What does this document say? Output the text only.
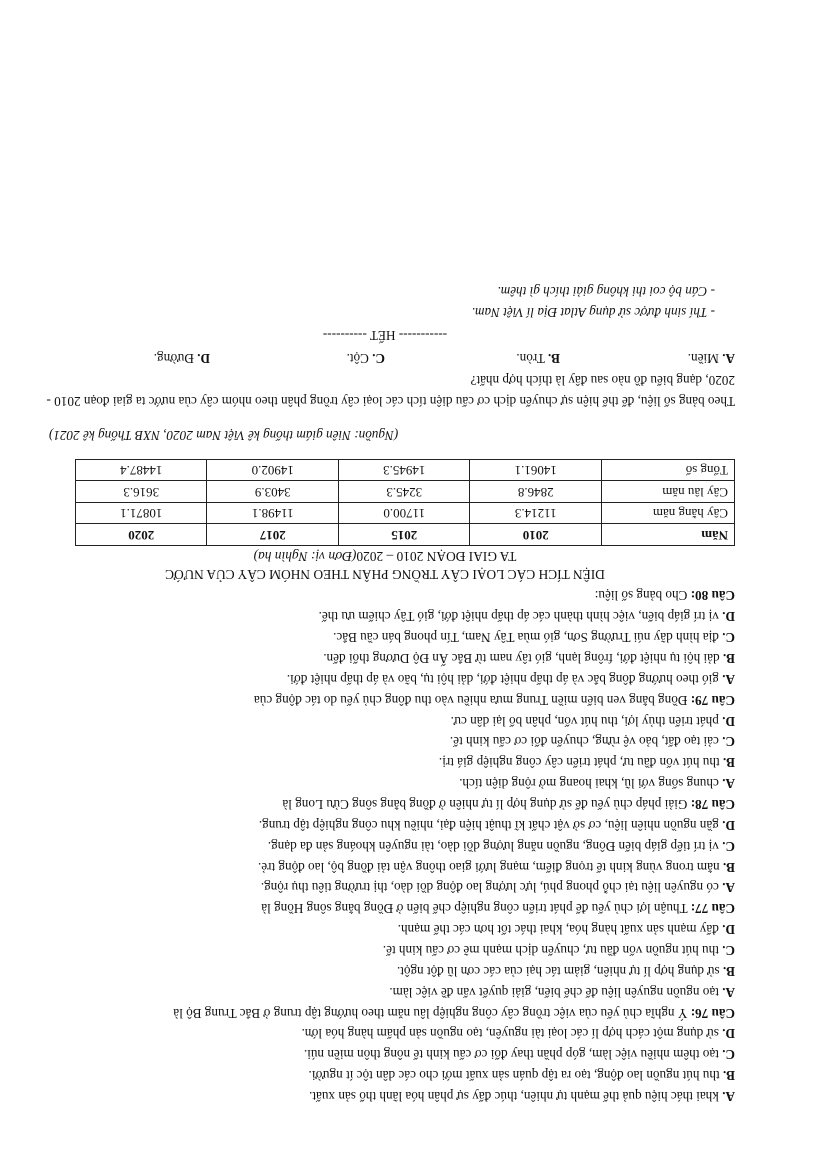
A. khai thác hiệu quả thế mạnh tự nhiên, thúc đẩy sự phân hóa lãnh thổ sản xuất.

B. thu hút nguồn lao động, tạo ra tập quán sản xuất mới cho các dân tộc ít người.

C. tạo thêm nhiều việc làm, góp phần thay đổi cơ cấu kinh tế nông thôn miền núi.

D. sử dụng một cách hợp lí các loại tài nguyên, tạo nguồn sản phẩm hàng hóa lớn.

Câu 76: Ý nghĩa chủ yếu của việc trồng cây công nghiệp lâu năm theo hướng tập trung ở Bắc Trung Bộ là

A. tạo nguồn nguyên liệu để chế biến, giải quyết vấn đề việc làm.

B. sử dụng hợp lí tự nhiên, giảm tác hại của các cơn lũ đột ngột.

C. thu hút nguồn vốn đầu tư, chuyển dịch mạnh mẽ cơ cấu kinh tế.

D. đẩy mạnh sản xuất hàng hóa, khai thác tốt hơn các thế mạnh.

Câu 77: Thuận lợi chủ yếu để phát triển công nghiệp chế biến ở Đồng bằng sông Hồng là

A. có nguyên liệu tại chỗ phong phú, lực lượng lao động dồi dào, thị trường tiêu thụ rộng.

B. nằm trong vùng kinh tế trọng điểm, mạng lưới giao thông vận tải đồng bộ, lao động trẻ.

C. vị trí tiếp giáp biển Đông, nguồn năng lượng dồi dào, tài nguyên khoáng sản đa dạng.

D. gần nguồn nhiên liệu, cơ sở vật chất kĩ thuật hiện đại, nhiều khu công nghiệp tập trung.

Câu 78: Giải pháp chủ yếu để sử dụng hợp lí tự nhiên ở đồng bằng sông Cửu Long là

A. chung sống với lũ, khai hoang mở rộng diện tích.

B. thu hút vốn đầu tư, phát triển cây công nghiệp giá trị.

C. cải tạo đất, bảo vệ rừng, chuyển đổi cơ cấu kinh tế.

D. phát triển thủy lợi, thu hút vốn, phân bố lại dân cư.

Câu 79: Đồng bằng ven biển miền Trung mưa nhiều vào thu đông chủ yếu do tác động của

A. gió theo hướng đông bắc và áp thấp nhiệt đới, dải hội tụ, bão và áp thấp nhiệt đới.

B. dải hội tụ nhiệt đới, frông lạnh, gió tây nam từ Bắc Ấn Độ Dương thổi đến.

C. địa hình dãy núi Trường Sơn, gió mùa Tây Nam, Tín phong bán cầu Bắc.

D. vị trí giáp biển, việc hình thành các áp thấp nhiệt đới, gió Tây chiếm ưu thế.

Câu 80: Cho bảng số liệu:

DIỆN TÍCH CÁC LOẠI CÂY TRỒNG PHÂN THEO NHÓM CÂY CỦA NƯỚC
TA GIAI ĐOẠN 2010 – 2020(Đơn vị: Nghìn ha)
Năm	2010	2015	2017	2020
Cây hằng năm	11214.3	11700.0	11498.1	10871.1
Cây lâu năm	2846.8	3245.3	3403.9	3616.3
Tổng số	14061.1	14945.3	14902.0	14487.4

(Nguồn: Niên giám thống kê Việt Nam 2020, NXB Thống kê 2021)

Theo bảng số liệu, để thể hiện sự chuyển dịch cơ cấu diện tích các loại cây trồng phân theo nhóm cây của nước ta giai đoạn 2010 - 2020, dạng biểu đồ nào sau đây là thích hợp nhất?

A. Miền.
B. Tròn.
C. Cột.
D. Đường.
----------- HẾT ----------
- Thí sinh được sử dụng Atlat Địa lí Việt Nam.
- Cán bộ coi thi không giải thích gì thêm.
